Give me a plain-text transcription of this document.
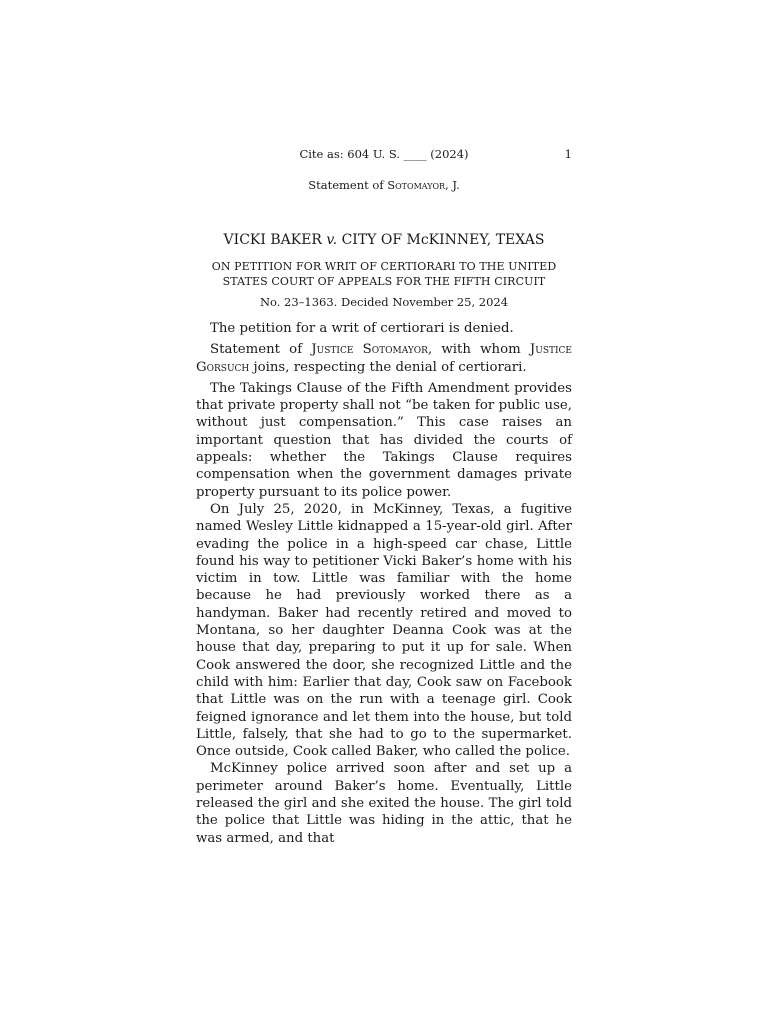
Cite as: 604 U. S. ____ (2024)	1
Statement of Sotomayor, J.
VICKI BAKER v. CITY OF McKINNEY, TEXAS
ON PETITION FOR WRIT OF CERTIORARI TO THE UNITED
STATES COURT OF APPEALS FOR THE FIFTH CIRCUIT
No. 23–1363. Decided November 25, 2024

The petition for a writ of certiorari is denied.

Statement of Justice Sotomayor, with whom Justice Gorsuch joins, respecting the denial of certiorari.

The Takings Clause of the Fifth Amendment provides that private property shall not “be taken for public use, without just compensation.” This case raises an important question that has divided the courts of appeals: whether the Takings Clause requires compensation when the government damages private property pursuant to its police power.

On July 25, 2020, in McKinney, Texas, a fugitive named Wesley Little kidnapped a 15-year-old girl. After evading the police in a high-speed car chase, Little found his way to petitioner Vicki Baker’s home with his victim in tow. Little was familiar with the home because he had previously worked there as a handyman. Baker had recently retired and moved to Montana, so her daughter Deanna Cook was at the house that day, preparing to put it up for sale. When Cook answered the door, she recognized Little and the child with him: Earlier that day, Cook saw on Facebook that Little was on the run with a teenage girl. Cook feigned ignorance and let them into the house, but told Little, falsely, that she had to go to the supermarket. Once outside, Cook called Baker, who called the police.

McKinney police arrived soon after and set up a perimeter around Baker’s home. Eventually, Little released the girl and she exited the house. The girl told the police that Little was hiding in the attic, that he was armed, and that
